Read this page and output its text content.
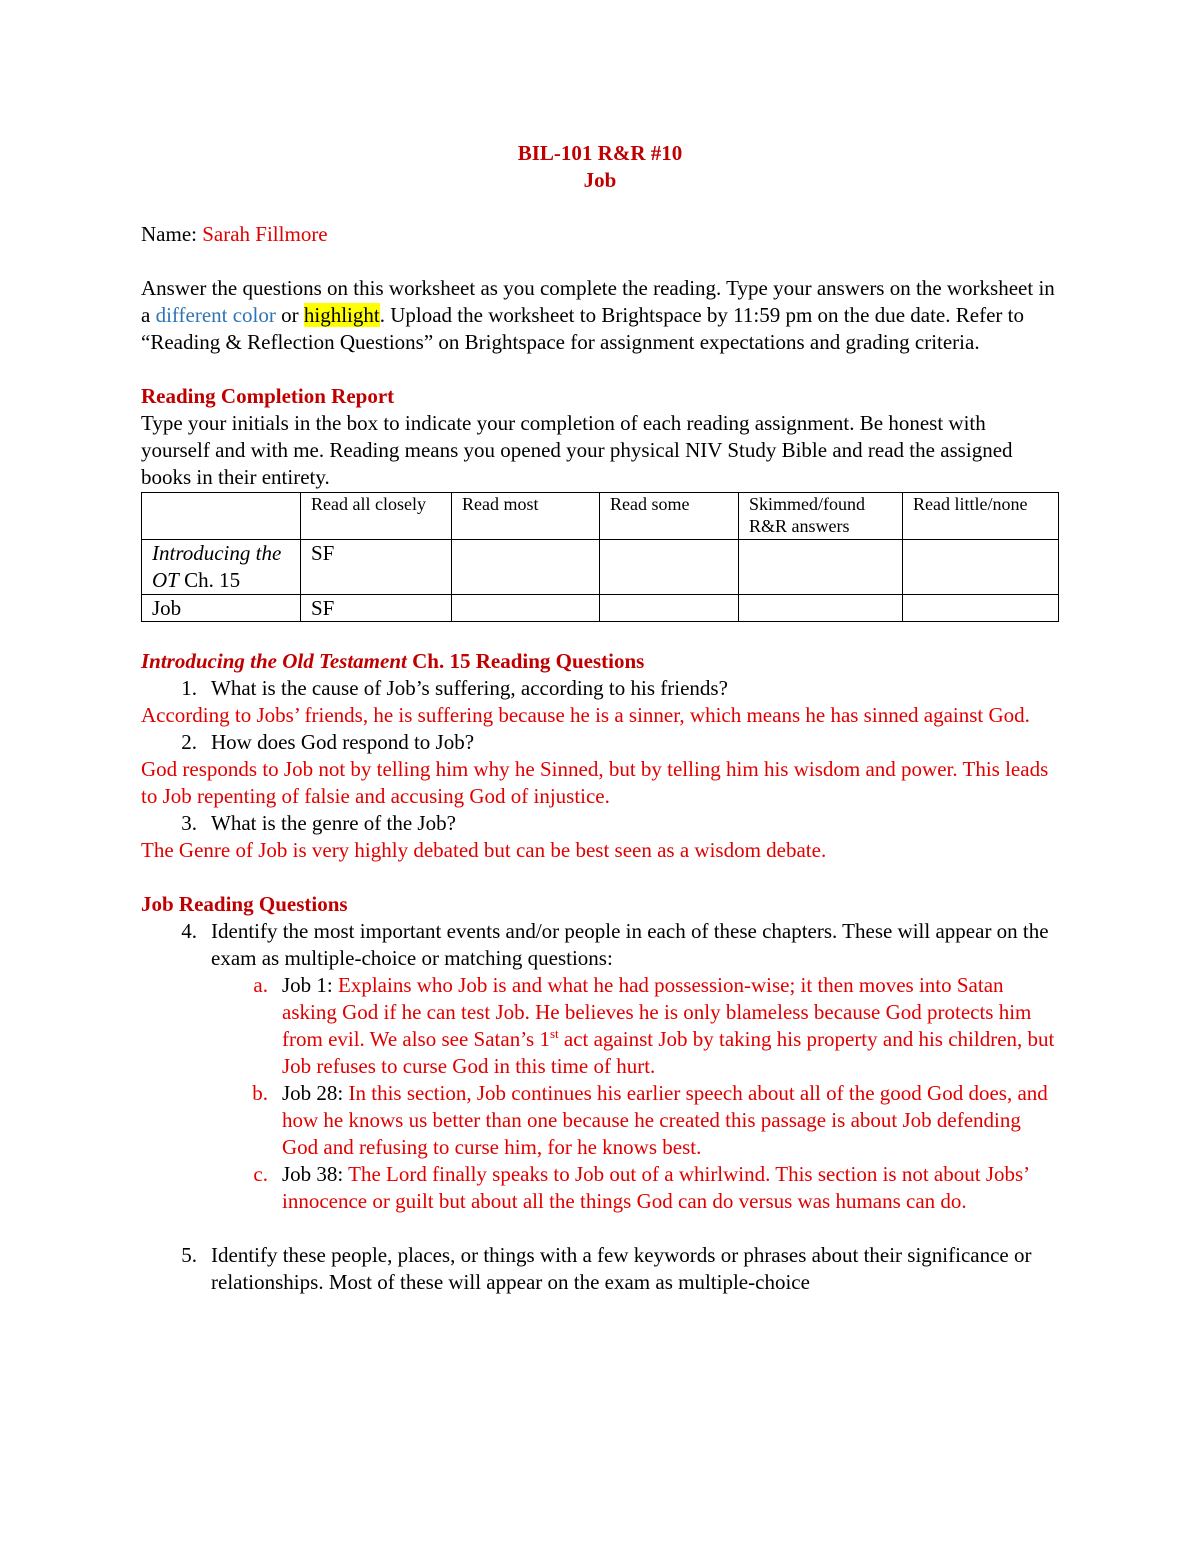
BIL-101 R&R #10
Job

Name: Sarah Fillmore

Answer the questions on this worksheet as you complete the reading. Type your answers on the worksheet in a different color or highlight. Upload the worksheet to Brightspace by 11:59 pm on the due date. Refer to “Reading & Reflection Questions” on Brightspace for assignment expectations and grading criteria.

Reading Completion Report

Type your initials in the box to indicate your completion of each reading assignment. Be honest with yourself and with me. Reading means you opened your physical NIV Study Bible and read the assigned books in their entirety.

	Read all closely	Read most	Read some	Skimmed/found R&R answers	Read little/none
Introducing the OT Ch. 15	SF				
Job	SF				
Introducing the Old Testament Ch. 15 Reading Questions
1. What is the cause of Job’s suffering, according to his friends?
According to Jobs’ friends, he is suffering because he is a sinner, which means he has sinned against God.
2. How does God respond to Job?
God responds to Job not by telling him why he Sinned, but by telling him his wisdom and power. This leads to Job repenting of falsie and accusing God of injustice.
3. What is the genre of the Job?
The Genre of Job is very highly debated but can be best seen as a wisdom debate.
Job Reading Questions
4. Identify the most important events and/or people in each of these chapters. These will appear on the exam as multiple-choice or matching questions:
a. Job 1: Explains who Job is and what he had possession-wise; it then moves into Satan asking God if he can test Job. He believes he is only blameless because God protects him from evil. We also see Satan’s 1st act against Job by taking his property and his children, but Job refuses to curse God in this time of hurt.
b. Job 28: In this section, Job continues his earlier speech about all of the good God does, and how he knows us better than one because he created this passage is about Job defending God and refusing to curse him, for he knows best.
c. Job 38: The Lord finally speaks to Job out of a whirlwind. This section is not about Jobs’ innocence or guilt but about all the things God can do versus was humans can do.
5. Identify these people, places, or things with a few keywords or phrases about their significance or relationships. Most of these will appear on the exam as multiple-choice
